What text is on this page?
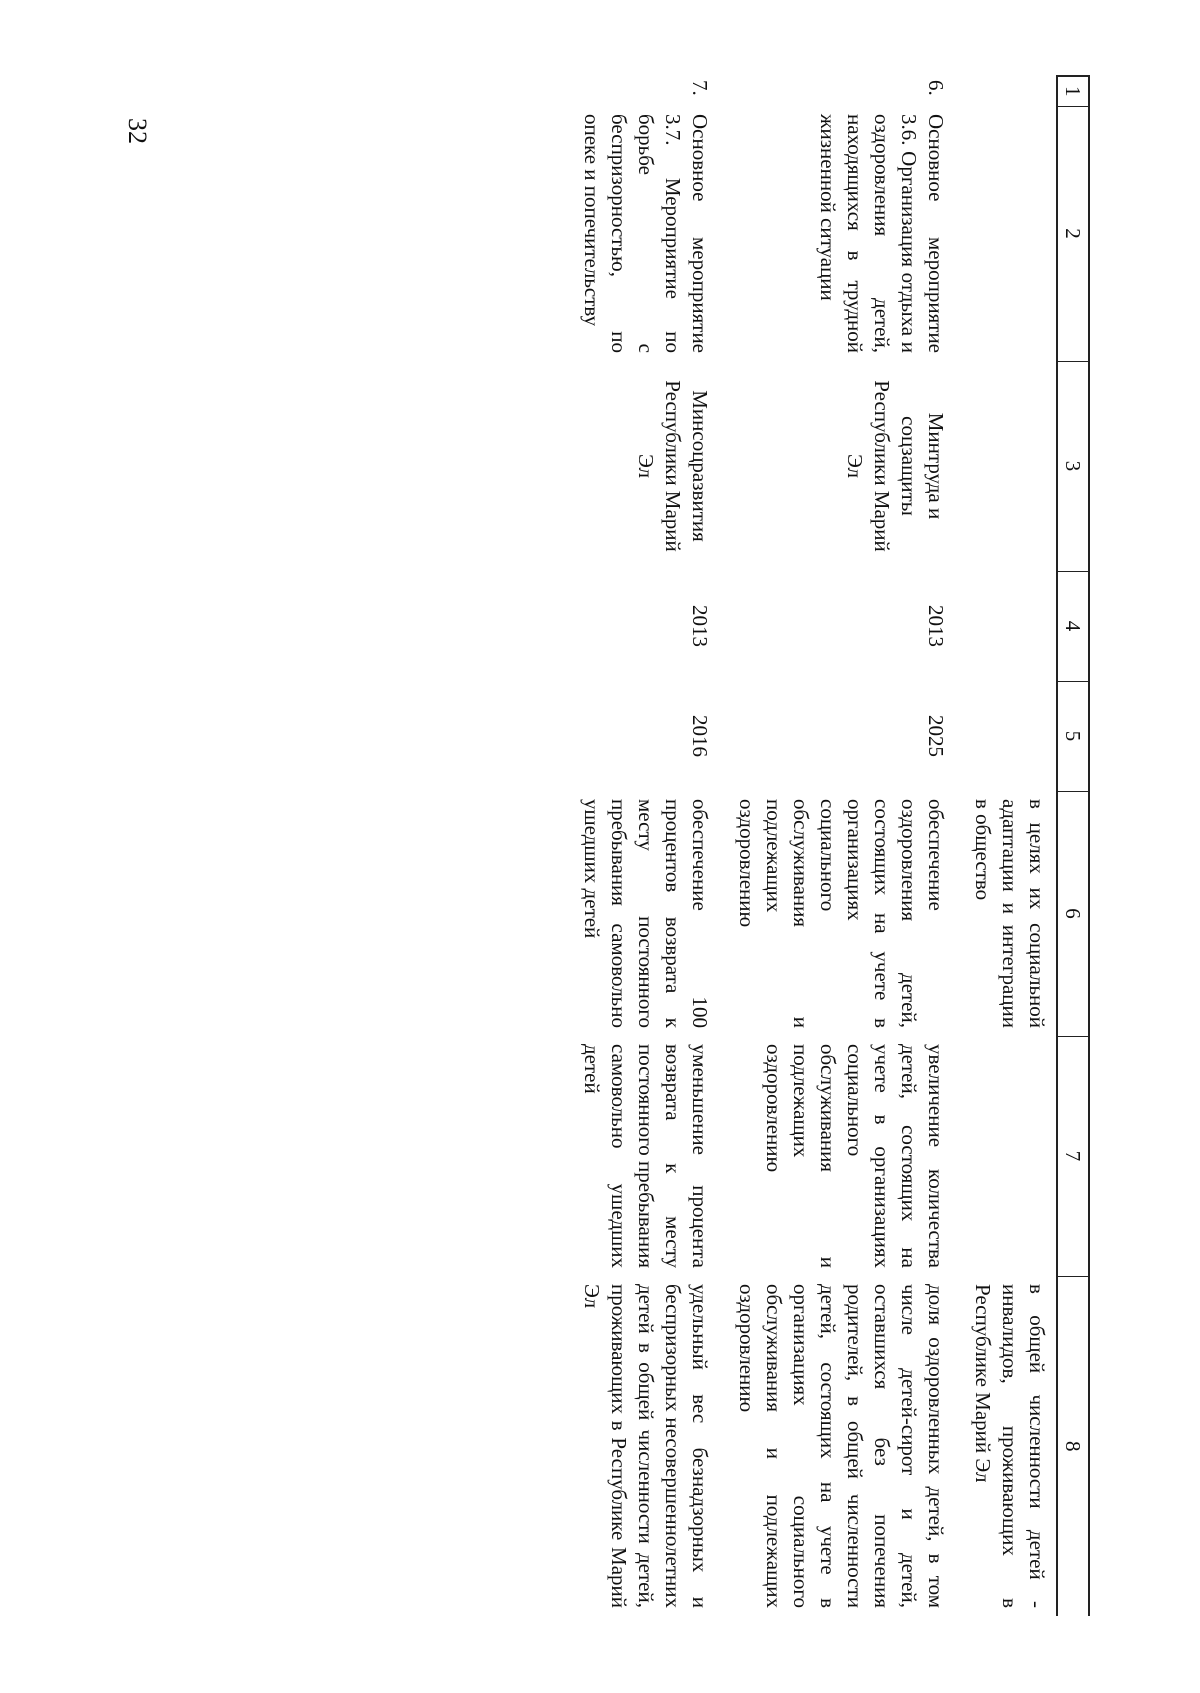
32
1	2	3	4	5	6	7	8
					в целях их социальной адаптации и интеграции в общество		в общей численности детей - инвалидов, проживающих в Республике Марий Эл
6.	Основное мероприятие 3.6. Организация отдыха и оздоровления детей, находящихся в трудной жизненной ситуации	Минтруда и соцзащиты Республики Марий Эл	2013	2025	обеспечение оздоровления детей, состоящих на учете в организациях социального обслуживания и подлежащих оздоровлению	увеличение количества детей, состоящих на учете в организациях социального обслуживания и подлежащих оздоровлению	доля оздоровленных детей, в том числе детей-сирот и детей, оставшихся без попечения родителей, в общей численности детей, состоящих на учете в организациях социального обслуживания и подлежащих оздоровлению
7.	Основное мероприятие 3.7. Мероприятие по борьбе с беспризорностью, по опеке и попечительству	Минсоцразвития Республики Марий Эл	2013	2016	обеспечение 100 процентов возврата к месту постоянного пребывания самовольно ушедших детей	уменьшение процента возврата к месту постоянного пребывания самовольно ушедших детей	удельный вес безнадзорных и беспризорных несовершеннолетних детей в общей численности детей, проживающих в Республике Марий Эл
